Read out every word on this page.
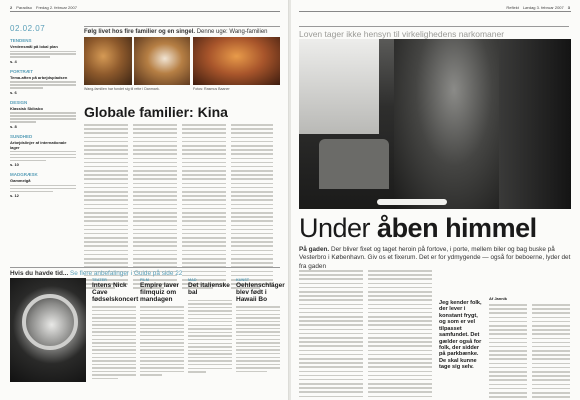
2 Paradiso Fredag 2. februar 2007
02.02.07
TENDENS
Verdensmål på lokal plan
s. 4
PORTRÆT
Tema-aften på arbejdspladsen
s. 6
DESIGN
Klassisk Skibsbo
s. 8
SUNDHED
Arbejdslinjer af internationale lager
s. 10
MADGRÆSK
Gammelgå
s. 12
Følg livet hos fire familier og en singel. Denne uge: Wang-familien
Wang-familien har fundet sig til rette i Danmark.	Fotos: Rasmus Baaner
Globale familier: Kina
Hvis du havde tid... Se flere anbefalinger i Guide på side 22
TEATER
Intens Nick Cave fødselskoncert
FILM
Empire laver filmquiz om mandagen
MAD
Det italienske bal
KUNST
Oehlenschläger blev født i Hawaii Bo
Reflekt Lørdag 3. februar 2007 3
Loven tager ikke hensyn til virkelighedens narkomaner
Under åben himmel
På gaden. Der bliver fixet og taget heroin på fortove, i porte, mellem biler og bag buske på Vesterbro i København. Giv os et fixerum. Det er for ydmygende — også for beboerne, lyder det fra gaden
Jeg kender folk, der lever i konstant frygt, og som er vel tilpasset samfundet. Det gælder også for folk, der sidder på parkbænke. De skal kunne tage sig selv.
Af Jannik
